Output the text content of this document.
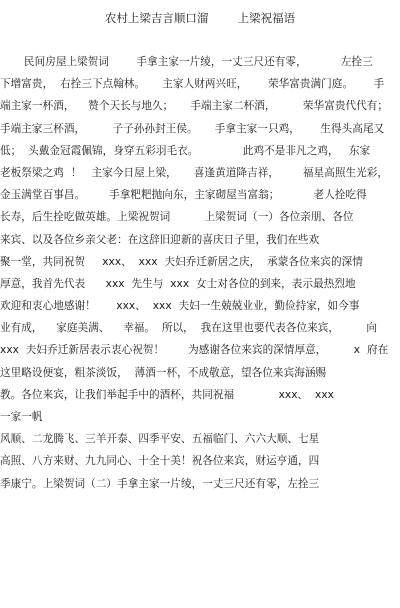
农村上梁吉言顺口溜        上梁祝福语
民间房屋上梁贺词        手拿主家一片绫，一丈三尺还有零，          左拴三
下增富贵，  右拴三下点翰林。     主家人财两兴旺，      荣华富贵满门庭。      手
端主家一杯酒，    赞个天长与地久；     手端主家二杯酒，        荣华富贵代代有；
手端主家三杯酒，        子子孙孙封王侯。     手拿主家一只鸡，      生得头高尾又
低；  头戴金冠霞佩锦，身穿五彩羽毛衣。             此鸡不是非凡之鸡，   东家
老板祭梁之鸡  ！   主家今日屋上梁，     喜逢黄道降吉祥，       福星高照生光彩，
金玉满堂百事昌。       手拿粑粑抛向东，主家砌屋当富翁；          老人拴吃得
长寿，后生拴吃做英雄。上梁祝贺词          上梁贺词（一）各位亲朋、各位
来宾、以及各位乡亲父老：在这辞旧迎新的喜庆日子里，我们在些欢
聚一堂，共同祝贺     xxx、  xxx  夫妇乔迁新居之庆，  承蒙各位来宾的深情
厚意，我首先代表      xxx  先生与  xxx  女士对各位的到来，表示最热烈地
欢迎和衷心地感谢！      xxx、  xxx  夫妇一生兢兢业业，勤俭持家，如今事
业有成，    家庭美满、    幸福。  所以，  我在这里也要代表各位来宾，        向
xxx  夫妇乔迁新居表示衷心祝贺！       为感谢各位来宾的深情厚意，        x  府在
这里略设便宴，粗茶淡饭，  薄酒一杯，不成敬意，望各位来宾海涵赐
教。各位来宾，让我们举起手中的酒杯，共同祝福             xxx、  xxx
一家一帆
风顺、二龙腾飞、三羊开泰、四季平安、五福临门、六六大顺、七星
高照、八方来财、九九同心、十全十美！祝各位来宾，财运亨通，四
季康宁。上梁贺词（二）手拿主家一片绫，一丈三尺还有零，左拴三
